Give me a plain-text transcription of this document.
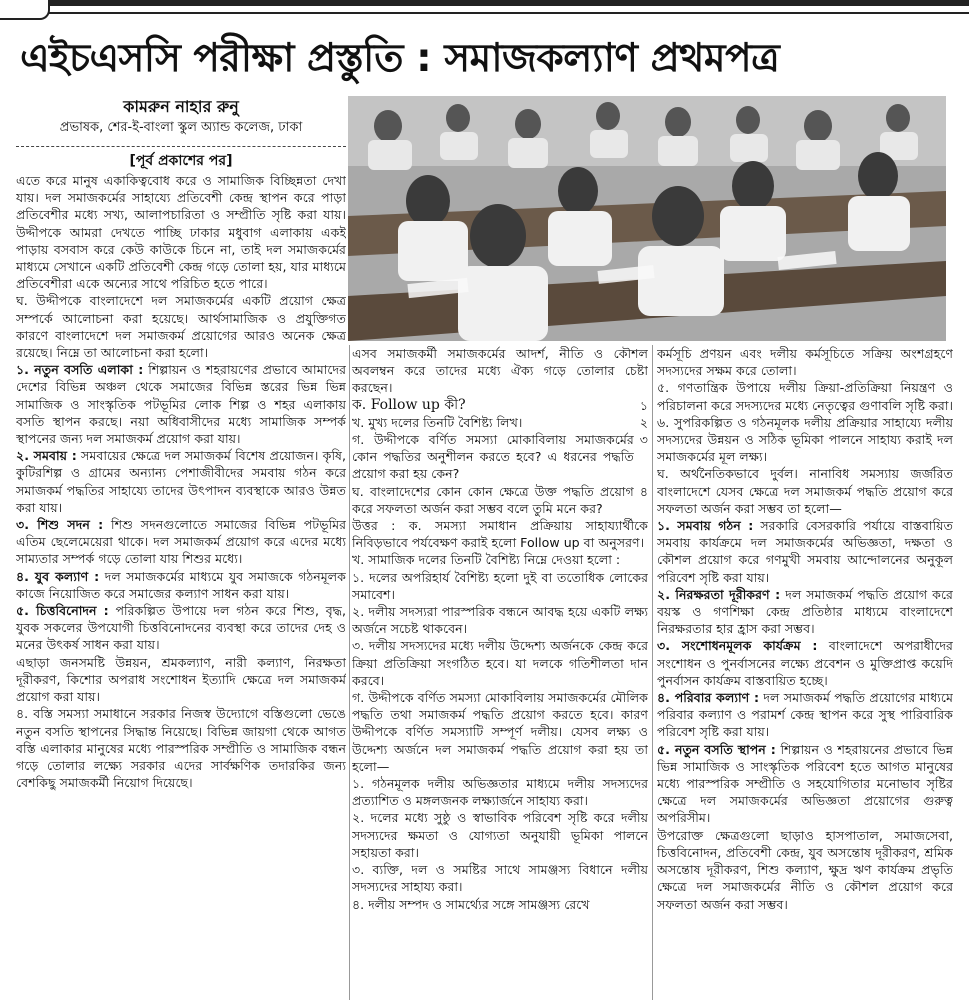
এইচএসসি পরীক্ষা প্রস্তুতি : সমাজকল্যাণ প্রথমপত্র
কামরুন নাহার রুনু
প্রভাষক, শের-ই-বাংলা স্কুল অ্যান্ড কলেজ, ঢাকা
[পূর্ব প্রকাশের পর]

এতে করে মানুষ একাকিত্ববোধ করে ও সামাজিক বিচ্ছিন্নতা দেখা যায়। দল সমাজকর্মের সাহায্যে প্রতিবেশী কেন্দ্র স্থাপন করে পাড়া প্রতিবেশীর মধ্যে সখ্য, আলাপচারিতা ও সম্প্রীতি সৃষ্টি করা যায়। উদ্দীপকে আমরা দেখতে পাচ্ছি ঢাকার মধুবাগ এলাকায় একই পাড়ায় বসবাস করে কেউ কাউকে চিনে না, তাই দল সমাজকর্মের মাধ্যমে সেখানে একটি প্রতিবেশী কেন্দ্র গড়ে তোলা হয়, যার মাধ্যমে প্রতিবেশীরা একে অন্যের সাথে পরিচিত হতে পারে।

ঘ. উদ্দীপকে বাংলাদেশে দল সমাজকর্মের একটি প্রয়োগ ক্ষেত্র সম্পর্কে আলোচনা করা হয়েছে। আর্থসামাজিক ও প্রযুক্তিগত কারণে বাংলাদেশে দল সমাজকর্ম প্রয়োগের আরও অনেক ক্ষেত্র রয়েছে। নিম্নে তা আলোচনা করা হলো।

১. নতুন বসতি এলাকা : শিল্পায়ন ও শহরায়ণের প্রভাবে আমাদের দেশের বিভিন্ন অঞ্চল থেকে সমাজের বিভিন্ন স্তরের ভিন্ন ভিন্ন সামাজিক ও সাংস্কৃতিক পটভূমির লোক শিল্প ও শহর এলাকায় বসতি স্থাপন করছে। নয়া অধিবাসীদের মধ্যে সামাজিক সম্পর্ক স্থাপনের জন্য দল সমাজকর্ম প্রয়োগ করা যায়।

২. সমবায় : সমবায়ের ক্ষেত্রে দল সমাজকর্ম বিশেষ প্রয়োজন। কৃষি, কুটিরশিল্প ও গ্রামের অন্যান্য পেশাজীবীদের সমবায় গঠন করে সমাজকর্ম পদ্ধতির সাহায্যে তাদের উৎপাদন ব্যবস্থাকে আরও উন্নত করা যায়।

৩. শিশু সদন : শিশু সদনগুলোতে সমাজের বিভিন্ন পটভূমির এতিম ছেলেমেয়েরা থাকে। দল সমাজকর্ম প্রয়োগ করে এদের মধ্যে সাম্যতার সম্পর্ক গড়ে তোলা যায় শিশুর মধ্যে।

৪. যুব কল্যাণ : দল সমাজকর্মের মাধ্যমে যুব সমাজকে গঠনমূলক কাজে নিয়োজিত করে সমাজের কল্যাণ সাধন করা যায়।

৫. চিত্তবিনোদন : পরিকল্পিত উপায়ে দল গঠন করে শিশু, বৃদ্ধ, যুবক সকলের উপযোগী চিত্তবিনোদনের ব্যবস্থা করে তাদের দেহ ও মনের উৎকর্ষ সাধন করা যায়।

এছাড়া জনসমষ্টি উন্নয়ন, শ্রমকল্যাণ, নারী কল্যাণ, নিরক্ষতা দূরীকরণ, কিশোর অপরাধ সংশোধন ইত্যাদি ক্ষেত্রে দল সমাজকর্ম প্রয়োগ করা যায়।

৪. বস্তি সমস্যা সমাধানে সরকার নিজস্ব উদ্যোগে বস্তিগুলো ভেঙে নতুন বসতি স্থাপনের সিদ্ধান্ত নিয়েছে। বিভিন্ন জায়গা থেকে আগত বস্তি এলাকার মানুষের মধ্যে পারস্পরিক সম্প্রীতি ও সামাজিক বন্ধন গড়ে তোলার লক্ষ্যে সরকার এদের সার্বক্ষণিক তদারকির জন্য বেশকিছু সমাজকর্মী নিয়োগ দিয়েছে।

এসব সমাজকর্মী সমাজকর্মের আদর্শ, নীতি ও কৌশল অবলম্বন করে তাদের মধ্যে ঐক্য গড়ে তোলার চেষ্টা করছেন।

ক. Follow up কী?	১
খ. মুখ্য দলের তিনটি বৈশিষ্ট্য লিখ।	২
গ. উদ্দীপকে বর্ণিত সমস্যা মোকাবিলায় সমাজকর্মের কোন পদ্ধতির অনুশীলন করতে হবে? এ ধরনের পদ্ধতি প্রয়োগ করা হয় কেন?
৩
ঘ. বাংলাদেশের কোন কোন ক্ষেত্রে উক্ত পদ্ধতি প্রয়োগ করে সফলতা অর্জন করা সম্ভব বলে তুমি মনে কর?
৪

উত্তর : ক. সমস্যা সমাধান প্রক্রিয়ায় সাহায্যার্থীকে নিবিড়ভাবে পর্যবেক্ষণ করাই হলো Follow up বা অনুসরণ।

খ. সামাজিক দলের তিনটি বৈশিষ্ট্য নিম্নে দেওয়া হলো :

১. দলের অপরিহার্য বৈশিষ্ট্য হলো দুই বা ততোধিক লোকের সমাবেশ।

২. দলীয় সদস্যরা পারস্পরিক বন্ধনে আবদ্ধ হয়ে একটি লক্ষ্য অর্জনে সচেষ্ট থাকবেন।

৩. দলীয় সদস্যদের মধ্যে দলীয় উদ্দেশ্য অর্জনকে কেন্দ্র করে ক্রিয়া প্রতিক্রিয়া সংগঠিত হবে। যা দলকে গতিশীলতা দান করবে।

গ. উদ্দীপকে বর্ণিত সমস্যা মোকাবিলায় সমাজকর্মের মৌলিক পদ্ধতি তথা সমাজকর্ম পদ্ধতি প্রয়োগ করতে হবে। কারণ উদ্দীপকে বর্ণিত সমস্যাটি সম্পূর্ণ দলীয়। যেসব লক্ষ্য ও উদ্দেশ্য অর্জনে দল সমাজকর্ম পদ্ধতি প্রয়োগ করা হয় তা হলো—

১. গঠনমূলক দলীয় অভিজ্ঞতার মাধ্যমে দলীয় সদস্যদের প্রত্যাশিত ও মঙ্গলজনক লক্ষ্যার্জনে সাহায্য করা।

২. দলের মধ্যে সুষ্ঠু ও স্বাভাবিক পরিবেশ সৃষ্টি করে দলীয় সদস্যদের ক্ষমতা ও যোগ্যতা অনুযায়ী ভূমিকা পালনে সহায়তা করা।

৩. ব্যক্তি, দল ও সমষ্টির সাথে সামঞ্জস্য বিধানে দলীয় সদস্যদের সাহায্য করা।

৪. দলীয় সম্পদ ও সামর্থ্যের সঙ্গে সামঞ্জস্য রেখে

কর্মসূচি প্রণয়ন এবং দলীয় কর্মসূচিতে সক্রিয় অংশগ্রহণে সদস্যদের সক্ষম করে তোলা।

৫. গণতান্ত্রিক উপায়ে দলীয় ক্রিয়া-প্রতিক্রিয়া নিয়ন্ত্রণ ও পরিচালনা করে সদস্যদের মধ্যে নেতৃত্বের গুণাবলি সৃষ্টি করা।

৬. সুপরিকল্পিত ও গঠনমূলক দলীয় প্রক্রিয়ার সাহায্যে দলীয় সদস্যদের উন্নয়ন ও সঠিক ভূমিকা পালনে সাহায্য করাই দল সমাজকর্মের মূল লক্ষ্য।

ঘ. অর্থনৈতিকভাবে দুর্বল। নানাবিধ সমস্যায় জর্জরিত বাংলাদেশে যেসব ক্ষেত্রে দল সমাজকর্ম পদ্ধতি প্রয়োগ করে সফলতা অর্জন করা সম্ভব তা হলো—

১. সমবায় গঠন : সরকারি বেসরকারি পর্যায়ে বাস্তবায়িত সমবায় কার্যক্রমে দল সমাজকর্মের অভিজ্ঞতা, দক্ষতা ও কৌশল প্রয়োগ করে গণমুখী সমবায় আন্দোলনের অনুকূল পরিবেশ সৃষ্টি করা যায়।

২. নিরক্ষরতা দূরীকরণ : দল সমাজকর্ম পদ্ধতি প্রয়োগ করে বয়স্ক ও গণশিক্ষা কেন্দ্র প্রতিষ্ঠার মাধ্যমে বাংলাদেশে নিরক্ষরতার হার হ্রাস করা সম্ভব।

৩. সংশোধনমূলক কার্যক্রম : বাংলাদেশে অপরাধীদের সংশোধন ও পুনর্বাসনের লক্ষ্যে প্রবেশন ও মুক্তিপ্রাপ্ত কয়েদি পুনর্বাসন কার্যক্রম বাস্তবায়িত হচ্ছে।

৪. পরিবার কল্যাণ : দল সমাজকর্ম পদ্ধতি প্রয়োগের মাধ্যমে পরিবার কল্যাণ ও পরামর্শ কেন্দ্র স্থাপন করে সুস্থ পারিবারিক পরিবেশ সৃষ্টি করা যায়।

৫. নতুন বসতি স্থাপন : শিল্পায়ন ও শহরায়নের প্রভাবে ভিন্ন ভিন্ন সামাজিক ও সাংস্কৃতিক পরিবেশ হতে আগত মানুষের মধ্যে পারস্পরিক সম্প্রীতি ও সহযোগিতার মনোভাব সৃষ্টির ক্ষেত্রে দল সমাজকর্মের অভিজ্ঞতা প্রয়োগের গুরুত্ব অপরিসীম।

উপরোক্ত ক্ষেত্রগুলো ছাড়াও হাসপাতাল, সমাজসেবা, চিত্তবিনোদন, প্রতিবেশী কেন্দ্র, যুব অসন্তোষ দূরীকরণ, শ্রমিক অসন্তোষ দূরীকরণ, শিশু কল্যাণ, ক্ষুদ্র ঋণ কার্যক্রম প্রভৃতি ক্ষেত্রে দল সমাজকর্মের নীতি ও কৌশল প্রয়োগ করে সফলতা অর্জন করা সম্ভব।
